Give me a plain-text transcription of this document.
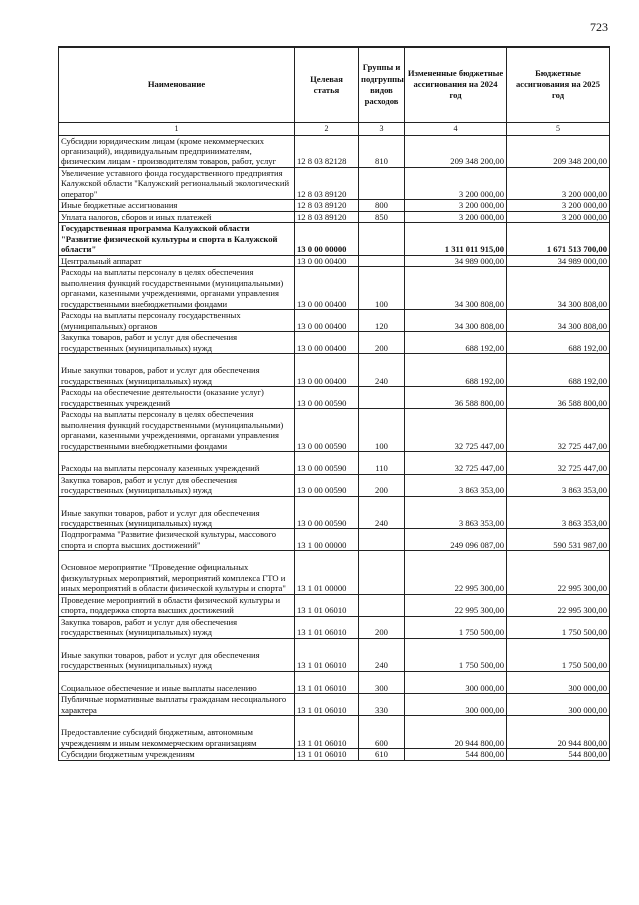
723
Наименование	Целевая статья	Группы и подгруппы видов расходов	Измененные бюджетные ассигнования на 2024 год	Бюджетные ассигнования на 2025 год
1	2	3	4	5
Субсидии юридическим лицам (кроме некоммерческих организаций), индивидуальным предпринимателям, физическим лицам - производителям товаров, работ, услуг	12 8 03 82128	810	209 348 200,00	209 348 200,00
Увеличение уставного фонда государственного предприятия Калужской области "Калужский региональный экологический оператор"	12 8 03 89120		3 200 000,00	3 200 000,00
Иные бюджетные ассигнования	12 8 03 89120	800	3 200 000,00	3 200 000,00
Уплата налогов, сборов и иных платежей	12 8 03 89120	850	3 200 000,00	3 200 000,00
Государственная программа Калужской области "Развитие физической культуры и спорта в Калужской области"	13 0 00 00000		1 311 011 915,00	1 671 513 700,00
Центральный аппарат	13 0 00 00400		34 989 000,00	34 989 000,00
Расходы на выплаты персоналу в целях обеспечения выполнения функций государственными (муниципальными) органами, казенными учреждениями, органами управления государственными внебюджетными фондами	13 0 00 00400	100	34 300 808,00	34 300 808,00
Расходы на выплаты персоналу государственных (муниципальных) органов	13 0 00 00400	120	34 300 808,00	34 300 808,00
Закупка товаров, работ и услуг для обеспечения государственных (муниципальных) нужд	13 0 00 00400	200	688 192,00	688 192,00
Иные закупки товаров, работ и услуг для обеспечения государственных (муниципальных) нужд	13 0 00 00400	240	688 192,00	688 192,00
Расходы на обеспечение деятельности (оказание услуг) государственных учреждений	13 0 00 00590		36 588 800,00	36 588 800,00
Расходы на выплаты персоналу в целях обеспечения выполнения функций государственными (муниципальными) органами, казенными учреждениями, органами управления государственными внебюджетными фондами	13 0 00 00590	100	32 725 447,00	32 725 447,00
Расходы на выплаты персоналу казенных учреждений	13 0 00 00590	110	32 725 447,00	32 725 447,00
Закупка товаров, работ и услуг для обеспечения государственных (муниципальных) нужд	13 0 00 00590	200	3 863 353,00	3 863 353,00
Иные закупки товаров, работ и услуг для обеспечения государственных (муниципальных) нужд	13 0 00 00590	240	3 863 353,00	3 863 353,00
Подпрограмма "Развитие физической культуры, массового спорта и спорта высших достижений"	13 1 00 00000		249 096 087,00	590 531 987,00
Основное мероприятие "Проведение официальных физкультурных мероприятий, мероприятий комплекса ГТО и иных мероприятий в области физической культуры и спорта"	13 1 01 00000		22 995 300,00	22 995 300,00
Проведение мероприятий в области физической культуры и спорта, поддержка спорта высших достижений	13 1 01 06010		22 995 300,00	22 995 300,00
Закупка товаров, работ и услуг для обеспечения государственных (муниципальных) нужд	13 1 01 06010	200	1 750 500,00	1 750 500,00
Иные закупки товаров, работ и услуг для обеспечения государственных (муниципальных) нужд	13 1 01 06010	240	1 750 500,00	1 750 500,00
Социальное обеспечение и иные выплаты населению	13 1 01 06010	300	300 000,00	300 000,00
Публичные нормативные выплаты гражданам несоциального характера	13 1 01 06010	330	300 000,00	300 000,00
Предоставление субсидий бюджетным, автономным учреждениям и иным некоммерческим организациям	13 1 01 06010	600	20 944 800,00	20 944 800,00
Субсидии бюджетным учреждениям	13 1 01 06010	610	544 800,00	544 800,00
